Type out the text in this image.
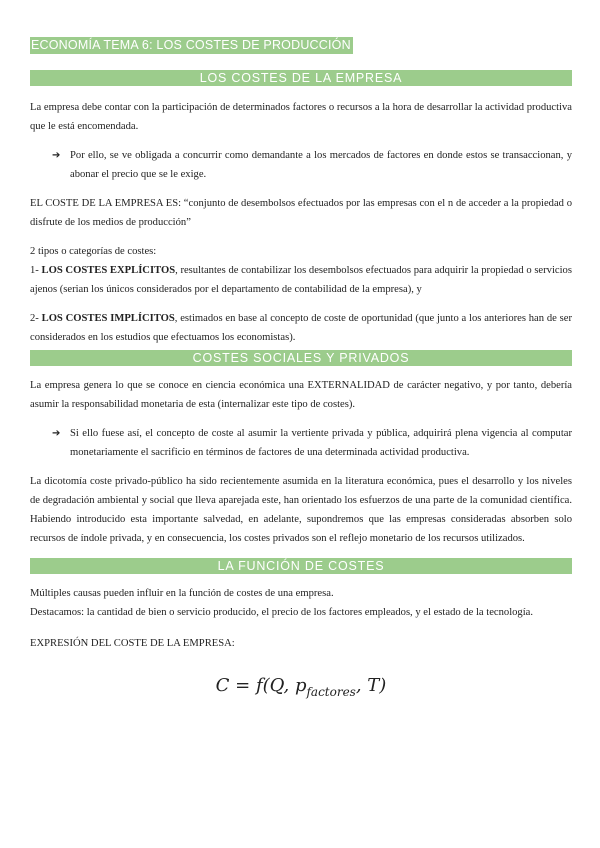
ECONOMÍA TEMA 6: LOS COSTES DE PRODUCCIÓN
LOS COSTES DE LA EMPRESA

La empresa debe contar con la participación de determinados factores o recursos a la hora de desarrollar la actividad productiva que le está encomendada.

➔ Por ello, se ve obligada a concurrir como demandante a los mercados de factores en donde estos se transaccionan, y abonar el precio que se le exige.

EL COSTE DE LA EMPRESA ES: “conjunto de desembolsos efectuados por las empresas con el n de acceder a la propiedad o disfrute de los medios de producción”

2 tipos o categorías de costes:

1- LOS COSTES EXPLÍCITOS, resultantes de contabilizar los desembolsos efectuados para adquirir la propiedad o servicios ajenos (serian los únicos considerados por el departamento de contabilidad de la empresa), y

2- LOS COSTES IMPLÍCITOS, estimados en base al concepto de coste de oportunidad (que junto a los anteriores han de ser considerados en los estudios que efectuamos los economistas).

COSTES SOCIALES Y PRIVADOS

La empresa genera lo que se conoce en ciencia económica una EXTERNALIDAD de carácter negativo, y por tanto, debería asumir la responsabilidad monetaria de esta (internalizar este tipo de costes).

➔ Si ello fuese así, el concepto de coste al asumir la vertiente privada y pública, adquirirá plena vigencia al computar monetariamente el sacrificio en términos de factores de una determinada actividad productiva.

La dicotomía coste privado-público ha sido recientemente asumida en la literatura económica, pues el desarrollo y los niveles de degradación ambiental y social que lleva aparejada este, han orientado los esfuerzos de una parte de la comunidad científica. Habiendo introducido esta importante salvedad, en adelante, supondremos que las empresas consideradas absorben solo recursos de índole privada, y en consecuencia, los costes privados son el reflejo monetario de los recursos utilizados.

LA FUNCIÓN DE COSTES

Múltiples causas pueden influir en la función de costes de una empresa.

Destacamos: la cantidad de bien o servicio producido, el precio de los factores empleados, y el estado de la tecnología.

EXPRESIÓN DEL COSTE DE LA EMPRESA:

C = f(Q, $p_{factores}$, T)
